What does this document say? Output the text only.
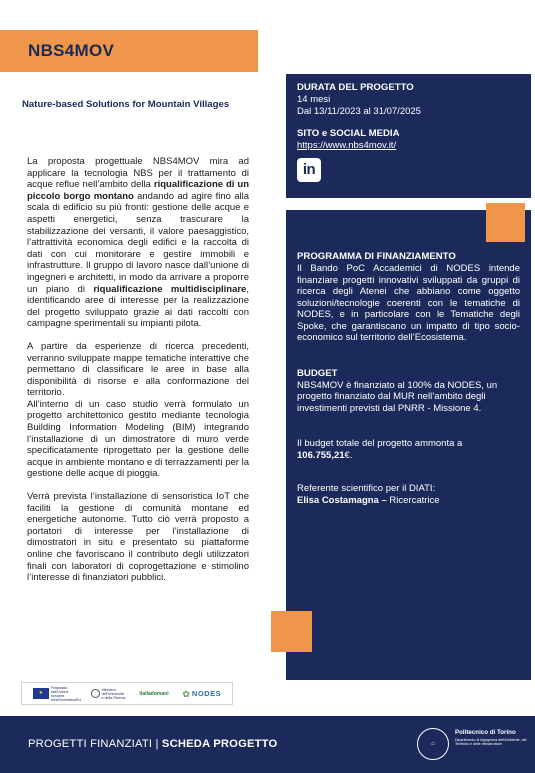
NBS4MOV
Nature-based Solutions for Mountain Villages

La proposta progettuale NBS4MOV mira ad applicare la tecnologia NBS per il trattamento di acque reflue nell’ambito della riqualificazione di un piccolo borgo montano andando ad agire fino alla scala di edificio su più fronti: gestione delle acque e aspetti energetici, senza trascurare la stabilizzazione dei versanti, il valore paesaggistico, l’attrattività economica degli edifici e la raccolta di dati con cui monitorare e gestire immobili e infrastrutture. Il gruppo di lavoro nasce dall’unione di ingegneri e architetti, in modo da arrivare a proporre un piano di riqualificazione multidisciplinare, identificando aree di interesse per la realizzazione del progetto sviluppato grazie ai dati raccolti con campagne sperimentali su impianti pilota.

A partire da esperienze di ricerca precedenti, verranno sviluppate mappe tematiche interattive che permettano di classificare le aree in base alla disponibilità di risorse e alla conformazione del territorio.

All’interno di un caso studio verrà formulato un progetto architettonico gestito mediante tecnologia Building Information Modeling (BIM) integrando l’installazione di un dimostratore di muro verde specificatamente riprogettato per la gestione delle acque in ambiente montano e di terrazzamenti per la gestione delle acque di pioggia.

Verrà prevista l’installazione di sensoristica IoT che faciliti la gestione di comunità montane ed energetiche autonome. Tutto ciò verrà proposto a portatori di interesse per l’installazione di dimostratori in situ e presentato su piattaforme online che favoriscano il contributo degli utilizzatori finali con laboratori di coprogettazione e stimolino l’interesse di finanziatori pubblici.

DURATA DEL PROGETTO
14 mesi
Dal 13/11/2023 al 31/07/2025
SITO e SOCIAL MEDIA
https://www.nbs4mov.it/
in
PROGRAMMA DI FINANZIAMENTO
Il Bando PoC Accademici di NODES intende finanziare progetti innovativi sviluppati da gruppi di ricerca degli Atenei che abbiano come oggetto soluzioni/tecnologie coerenti con le tematiche di NODES, e in particolare con le Tematiche degli Spoke, che garantiscano un impatto di tipo socio-economico sul territorio dell’Ecosistema.
BUDGET
NBS4MOV è finanziato al 100% da NODES, un progetto finanziato dal MUR nell’ambito degli investimenti previsti dal PNRR - Missione 4.
Il budget totale del progetto ammonta a 106.755,21€.
Referente scientifico per il DIATI:
Elisa Costamagna – Ricercatrice
★
Finanziato dall'Unione europea NextGenerationEU
Ministero dell'Università e della Ricerca
Italiadomani ✿ NODES
PROGETTI FINANZIATI | SCHEDA PROGETTO	⌂
Politecnico di Torino
Dipartimento di Ingegneria dell'Ambiente, del Territorio e delle Infrastrutture
